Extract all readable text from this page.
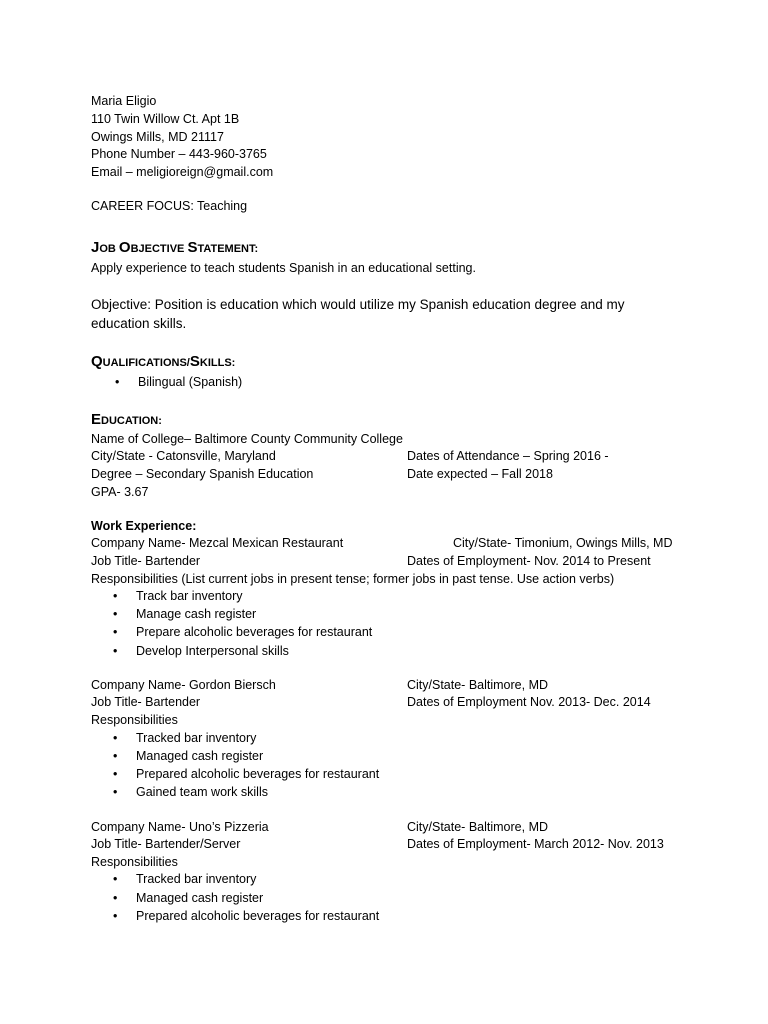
Maria Eligio
110 Twin Willow Ct. Apt 1B
Owings Mills, MD 21117
Phone Number – 443-960-3765
Email – meligioreign@gmail.com
CAREER FOCUS: Teaching
JOB OBJECTIVE STATEMENT:
Apply experience to teach students Spanish in an educational setting.
Objective: Position is education which would utilize my Spanish education degree and my
education skills.
QUALIFICATIONS/SKILLS:
• Bilingual (Spanish)
EDUCATION:
Name of College– Baltimore County Community College
City/State - Catonsville, Maryland	Dates of Attendance – Spring 2016 -
Degree – Secondary Spanish Education	Date expected – Fall 2018
GPA- 3.67
Work Experience:
Company Name- Mezcal Mexican Restaurant	City/State- Timonium, Owings Mills, MD
Job Title- Bartender	Dates of Employment- Nov. 2014 to Present
Responsibilities (List current jobs in present tense; former jobs in past tense. Use action verbs)
• Track bar inventory
• Manage cash register
• Prepare alcoholic beverages for restaurant
• Develop Interpersonal skills
Company Name- Gordon Biersch	City/State- Baltimore, MD
Job Title- Bartender	Dates of Employment Nov. 2013- Dec. 2014
Responsibilities
• Tracked bar inventory
• Managed cash register
• Prepared alcoholic beverages for restaurant
• Gained team work skills
Company Name- Uno’s Pizzeria	City/State- Baltimore, MD
Job Title- Bartender/Server	Dates of Employment- March 2012- Nov. 2013
Responsibilities
• Tracked bar inventory
• Managed cash register
• Prepared alcoholic beverages for restaurant
